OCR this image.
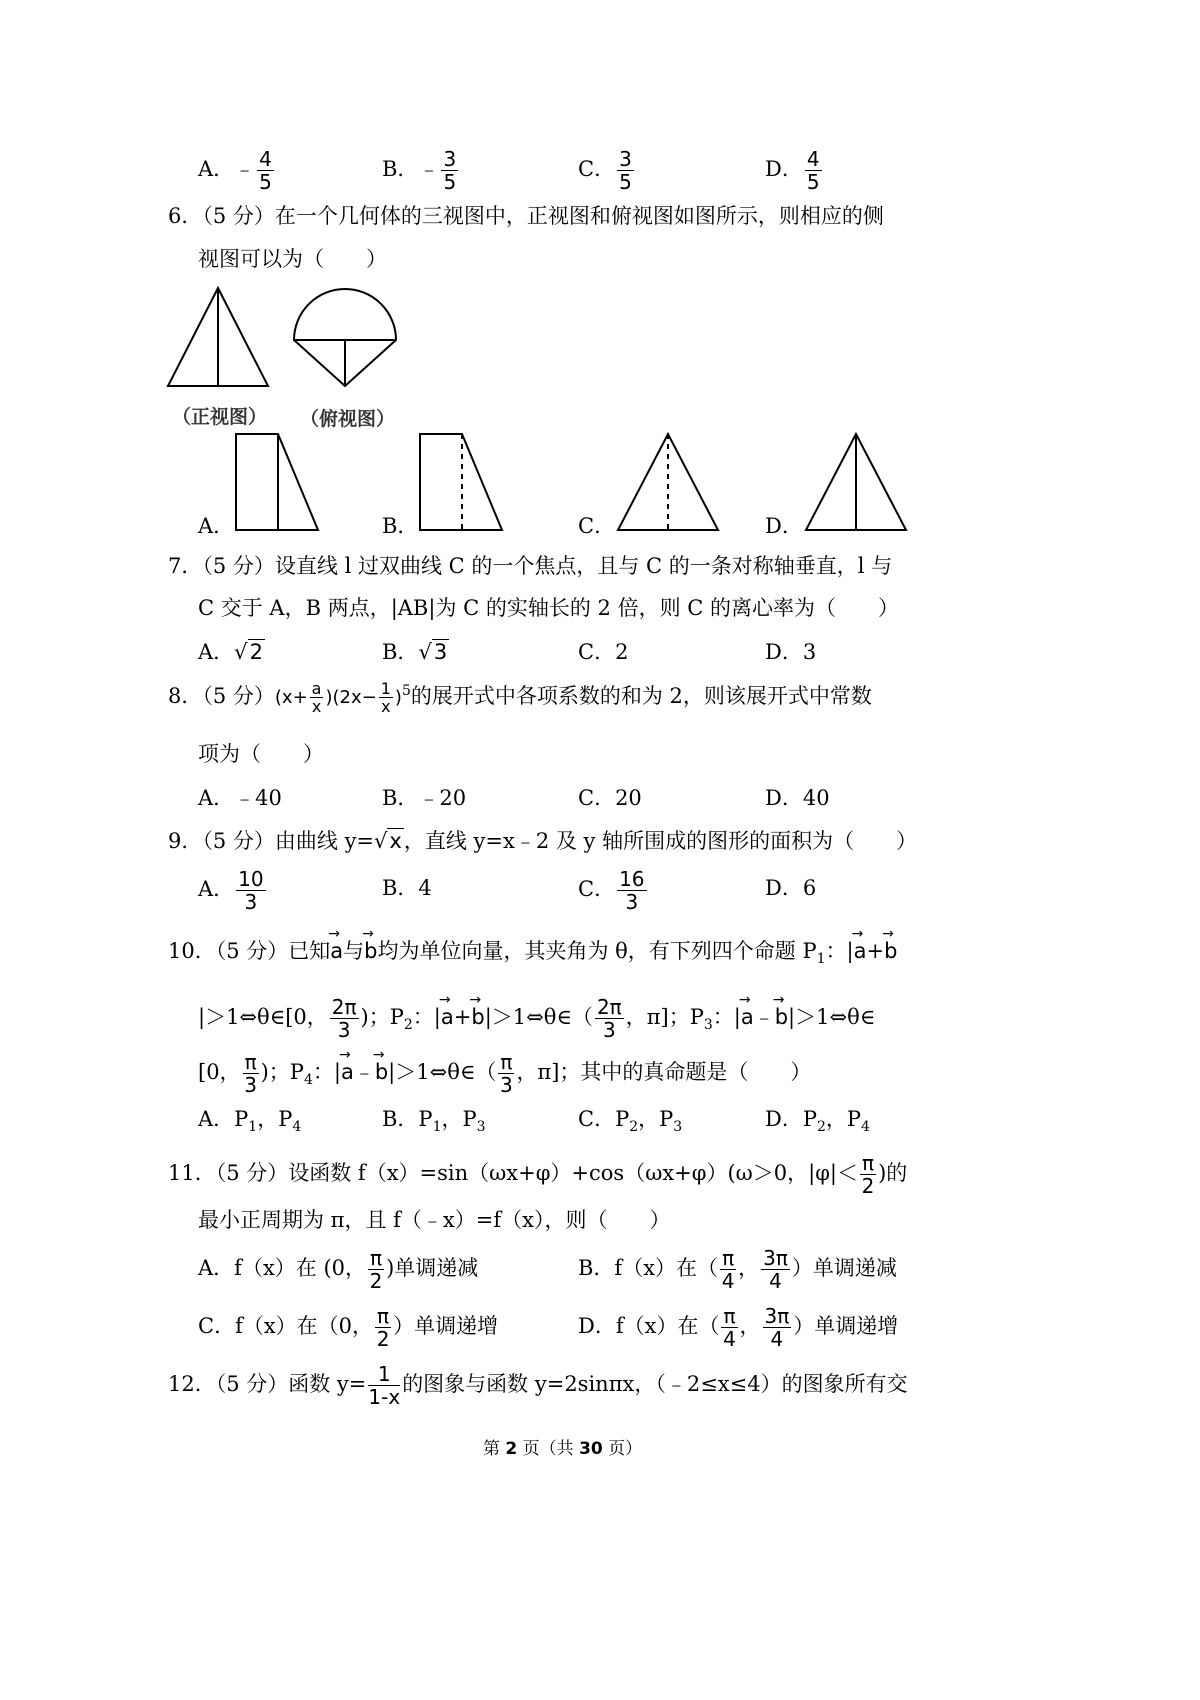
A．﹣ $\frac{4}{5}$	B．﹣ $\frac{3}{5}$	C． $\frac{3}{5}$	D． $\frac{4}{5}$
6．（5 分）在一个几何体的三视图中，正视图和俯视图如图所示，则相应的侧
视图可以为（　　）
（正视图） （俯视图）
A．	B．	C．	D．
7．（5 分）设直线 l 过双曲线 C 的一个焦点，且与 C 的一条对称轴垂直，l 与
C 交于 A，B 两点，|AB|为 C 的实轴长的 2 倍，则 C 的离心率为（　　）
A．√2	B．√3	C．2	D．3
8．（5 分）$(x+ \frac{a}{x} )(2x- \frac{1}{x} )^5$的展开式中各项系数的和为 2，则该展开式中常数
项为（　　）
A．﹣40	B．﹣20	C．20	D．40
9．（5 分）由曲线 y=√x，直线 y=x﹣2 及 y 轴所围成的图形的面积为（　　）
A． $\frac{10}{3}$	B．4	C． $\frac{16}{3}$	D．6
10．（5 分）已知→ a与→ b均为单位向量，其夹角为 θ，有下列四个命题 $P_1$：|→ a+→ b
|＞1⇔θ∈[0， $\frac{2\pi}{3}$ )；$P_2$：|→ a+→ b|＞1⇔θ∈（ $\frac{2\pi}{3}$ ，π]；$P_3$：|→ a﹣→ b|＞1⇔θ∈
[0， $\frac{\pi}{3}$ )；$P_4$：|→ a﹣→ b|＞1⇔θ∈（ $\frac{\pi}{3}$ ，π]；其中的真命题是（　　）
A．$P_1$，$P_4$	B．$P_1$，$P_3$	C．$P_2$，$P_3$	D．$P_2$，$P_4$
11．（5 分）设函数 f（x）=sin（ωx+φ）+cos（ωx+φ）(ω＞0，$|\varphi|< \frac{\pi}{2}$ )的
最小正周期为 π，且 f（﹣x）=f（x），则（　　）
A．f（x）在 (0， $\frac{\pi}{2}$ )单调递减	B．f（x）在（ $\frac{\pi}{4}$ ， $\frac{3\pi}{4}$ ）单调递减
C．f（x）在（0， $\frac{\pi}{2}$ ）单调递增	D．f（x）在（ $\frac{\pi}{4}$ ， $\frac{3\pi}{4}$ ）单调递增
12．（5 分）函数 $y= \frac{1}{1-x}$ 的图象与函数 y=2sinπx，（﹣2≤x≤4）的图象所有交
第 2 页（共 30 页）
